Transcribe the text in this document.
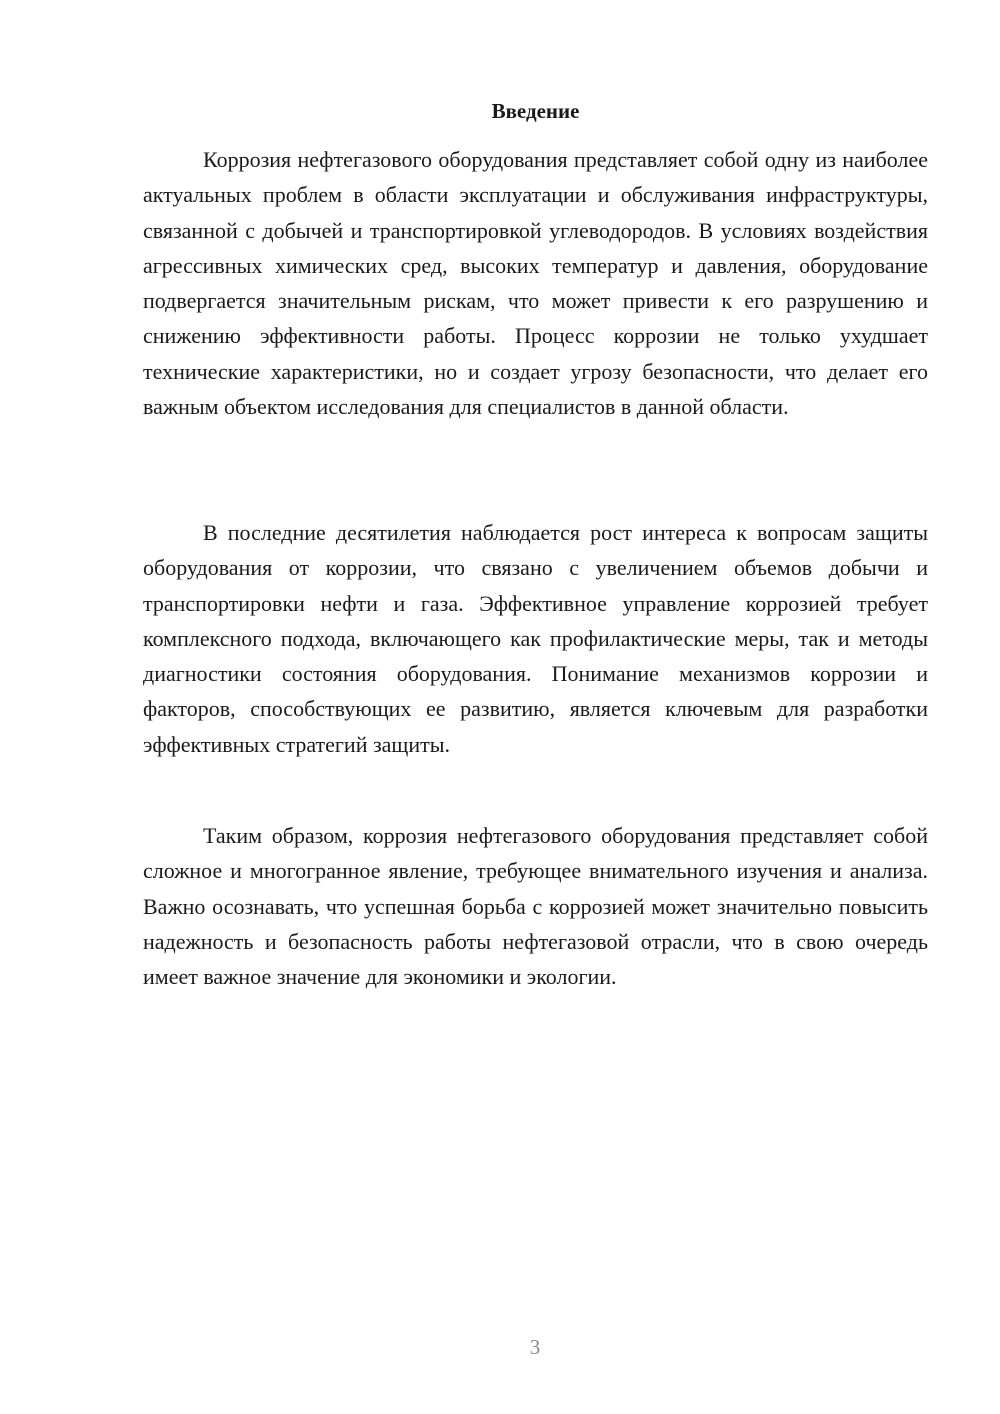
Введение

Коррозия нефтегазового оборудования представляет собой одну из наиболее актуальных проблем в области эксплуатации и обслуживания инфраструктуры, связанной с добычей и транспортировкой углеводородов. В условиях воздействия агрессивных химических сред, высоких температур и давления, оборудование подвергается значительным рискам, что может привести к его разрушению и снижению эффективности работы. Процесс коррозии не только ухудшает технические характеристики, но и создает угрозу безопасности, что делает его важным объектом исследования для специалистов в данной области.

В последние десятилетия наблюдается рост интереса к вопросам защиты оборудования от коррозии, что связано с увеличением объемов добычи и транспортировки нефти и газа. Эффективное управление коррозией требует комплексного подхода, включающего как профилактические меры, так и методы диагностики состояния оборудования. Понимание механизмов коррозии и факторов, способствующих ее развитию, является ключевым для разработки эффективных стратегий защиты.

Таким образом, коррозия нефтегазового оборудования представляет собой сложное и многогранное явление, требующее внимательного изучения и анализа. Важно осознавать, что успешная борьба с коррозией может значительно повысить надежность и безопасность работы нефтегазовой отрасли, что в свою очередь имеет важное значение для экономики и экологии.

3
